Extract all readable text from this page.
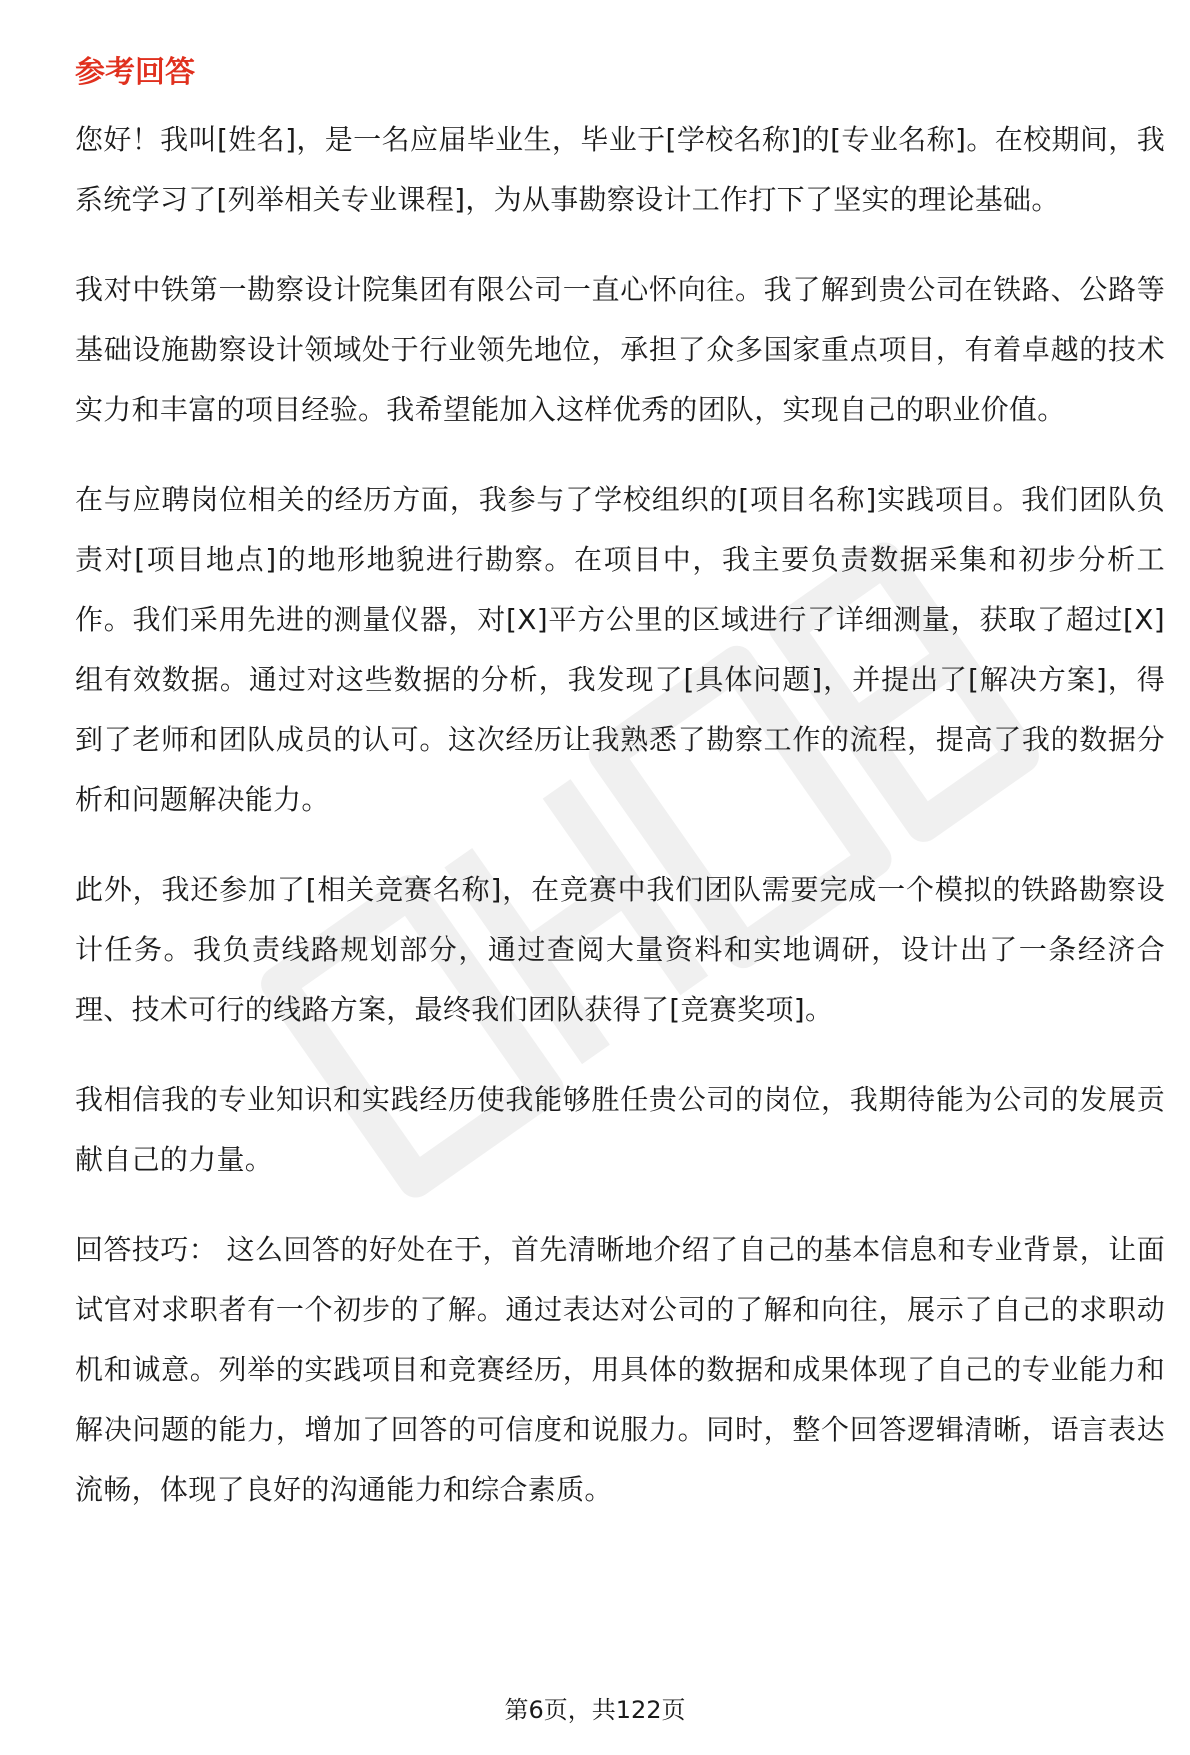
参考回答

您好！我叫[姓名]，是一名应届毕业生，毕业于[学校名称]的[专业名称]。在校期间，我系统学习了[列举相关专业课程]，为从事勘察设计工作打下了坚实的理论基础。

我对中铁第一勘察设计院集团有限公司一直心怀向往。我了解到贵公司在铁路、公路等基础设施勘察设计领域处于行业领先地位，承担了众多国家重点项目，有着卓越的技术实力和丰富的项目经验。我希望能加入这样优秀的团队，实现自己的职业价值。

在与应聘岗位相关的经历方面，我参与了学校组织的[项目名称]实践项目。我们团队负责对[项目地点]的地形地貌进行勘察。在项目中，我主要负责数据采集和初步分析工作。我们采用先进的测量仪器，对[X]平方公里的区域进行了详细测量，获取了超过[X]组有效数据。通过对这些数据的分析，我发现了[具体问题]，并提出了[解决方案]，得到了老师和团队成员的认可。这次经历让我熟悉了勘察工作的流程，提高了我的数据分析和问题解决能力。

此外，我还参加了[相关竞赛名称]，在竞赛中我们团队需要完成一个模拟的铁路勘察设计任务。我负责线路规划部分，通过查阅大量资料和实地调研，设计出了一条经济合理、技术可行的线路方案，最终我们团队获得了[竞赛奖项]。

我相信我的专业知识和实践经历使我能够胜任贵公司的岗位，我期待能为公司的发展贡献自己的力量。

回答技巧： 这么回答的好处在于，首先清晰地介绍了自己的基本信息和专业背景，让面试官对求职者有一个初步的了解。通过表达对公司的了解和向往，展示了自己的求职动机和诚意。列举的实践项目和竞赛经历，用具体的数据和成果体现了自己的专业能力和解决问题的能力，增加了回答的可信度和说服力。同时，整个回答逻辑清晰，语言表达流畅，体现了良好的沟通能力和综合素质。

第6页，共122页
